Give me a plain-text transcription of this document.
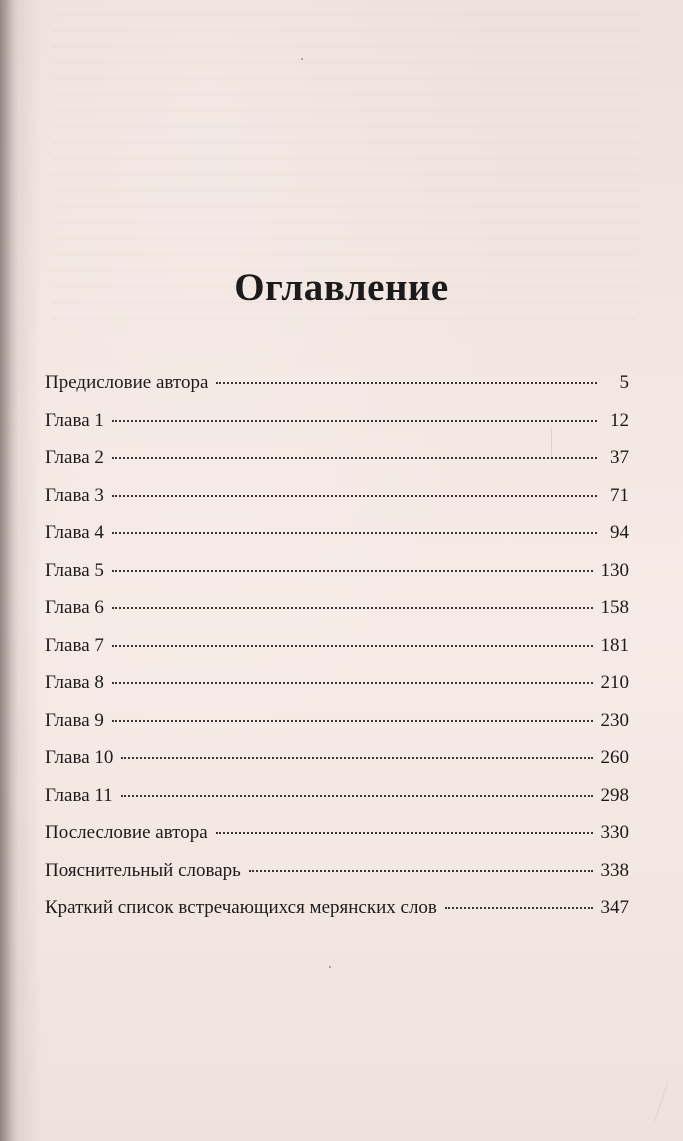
Оглавление
Предисловие автора	5
Глава 1	12
Глава 2	37
Глава 3	71
Глава 4	94
Глава 5	130
Глава 6	158
Глава 7	181
Глава 8	210
Глава 9	230
Глава 10	260
Глава 11	298
Послесловие автора	330
Пояснительный словарь	338
Краткий список встречающихся мерянских слов	347
